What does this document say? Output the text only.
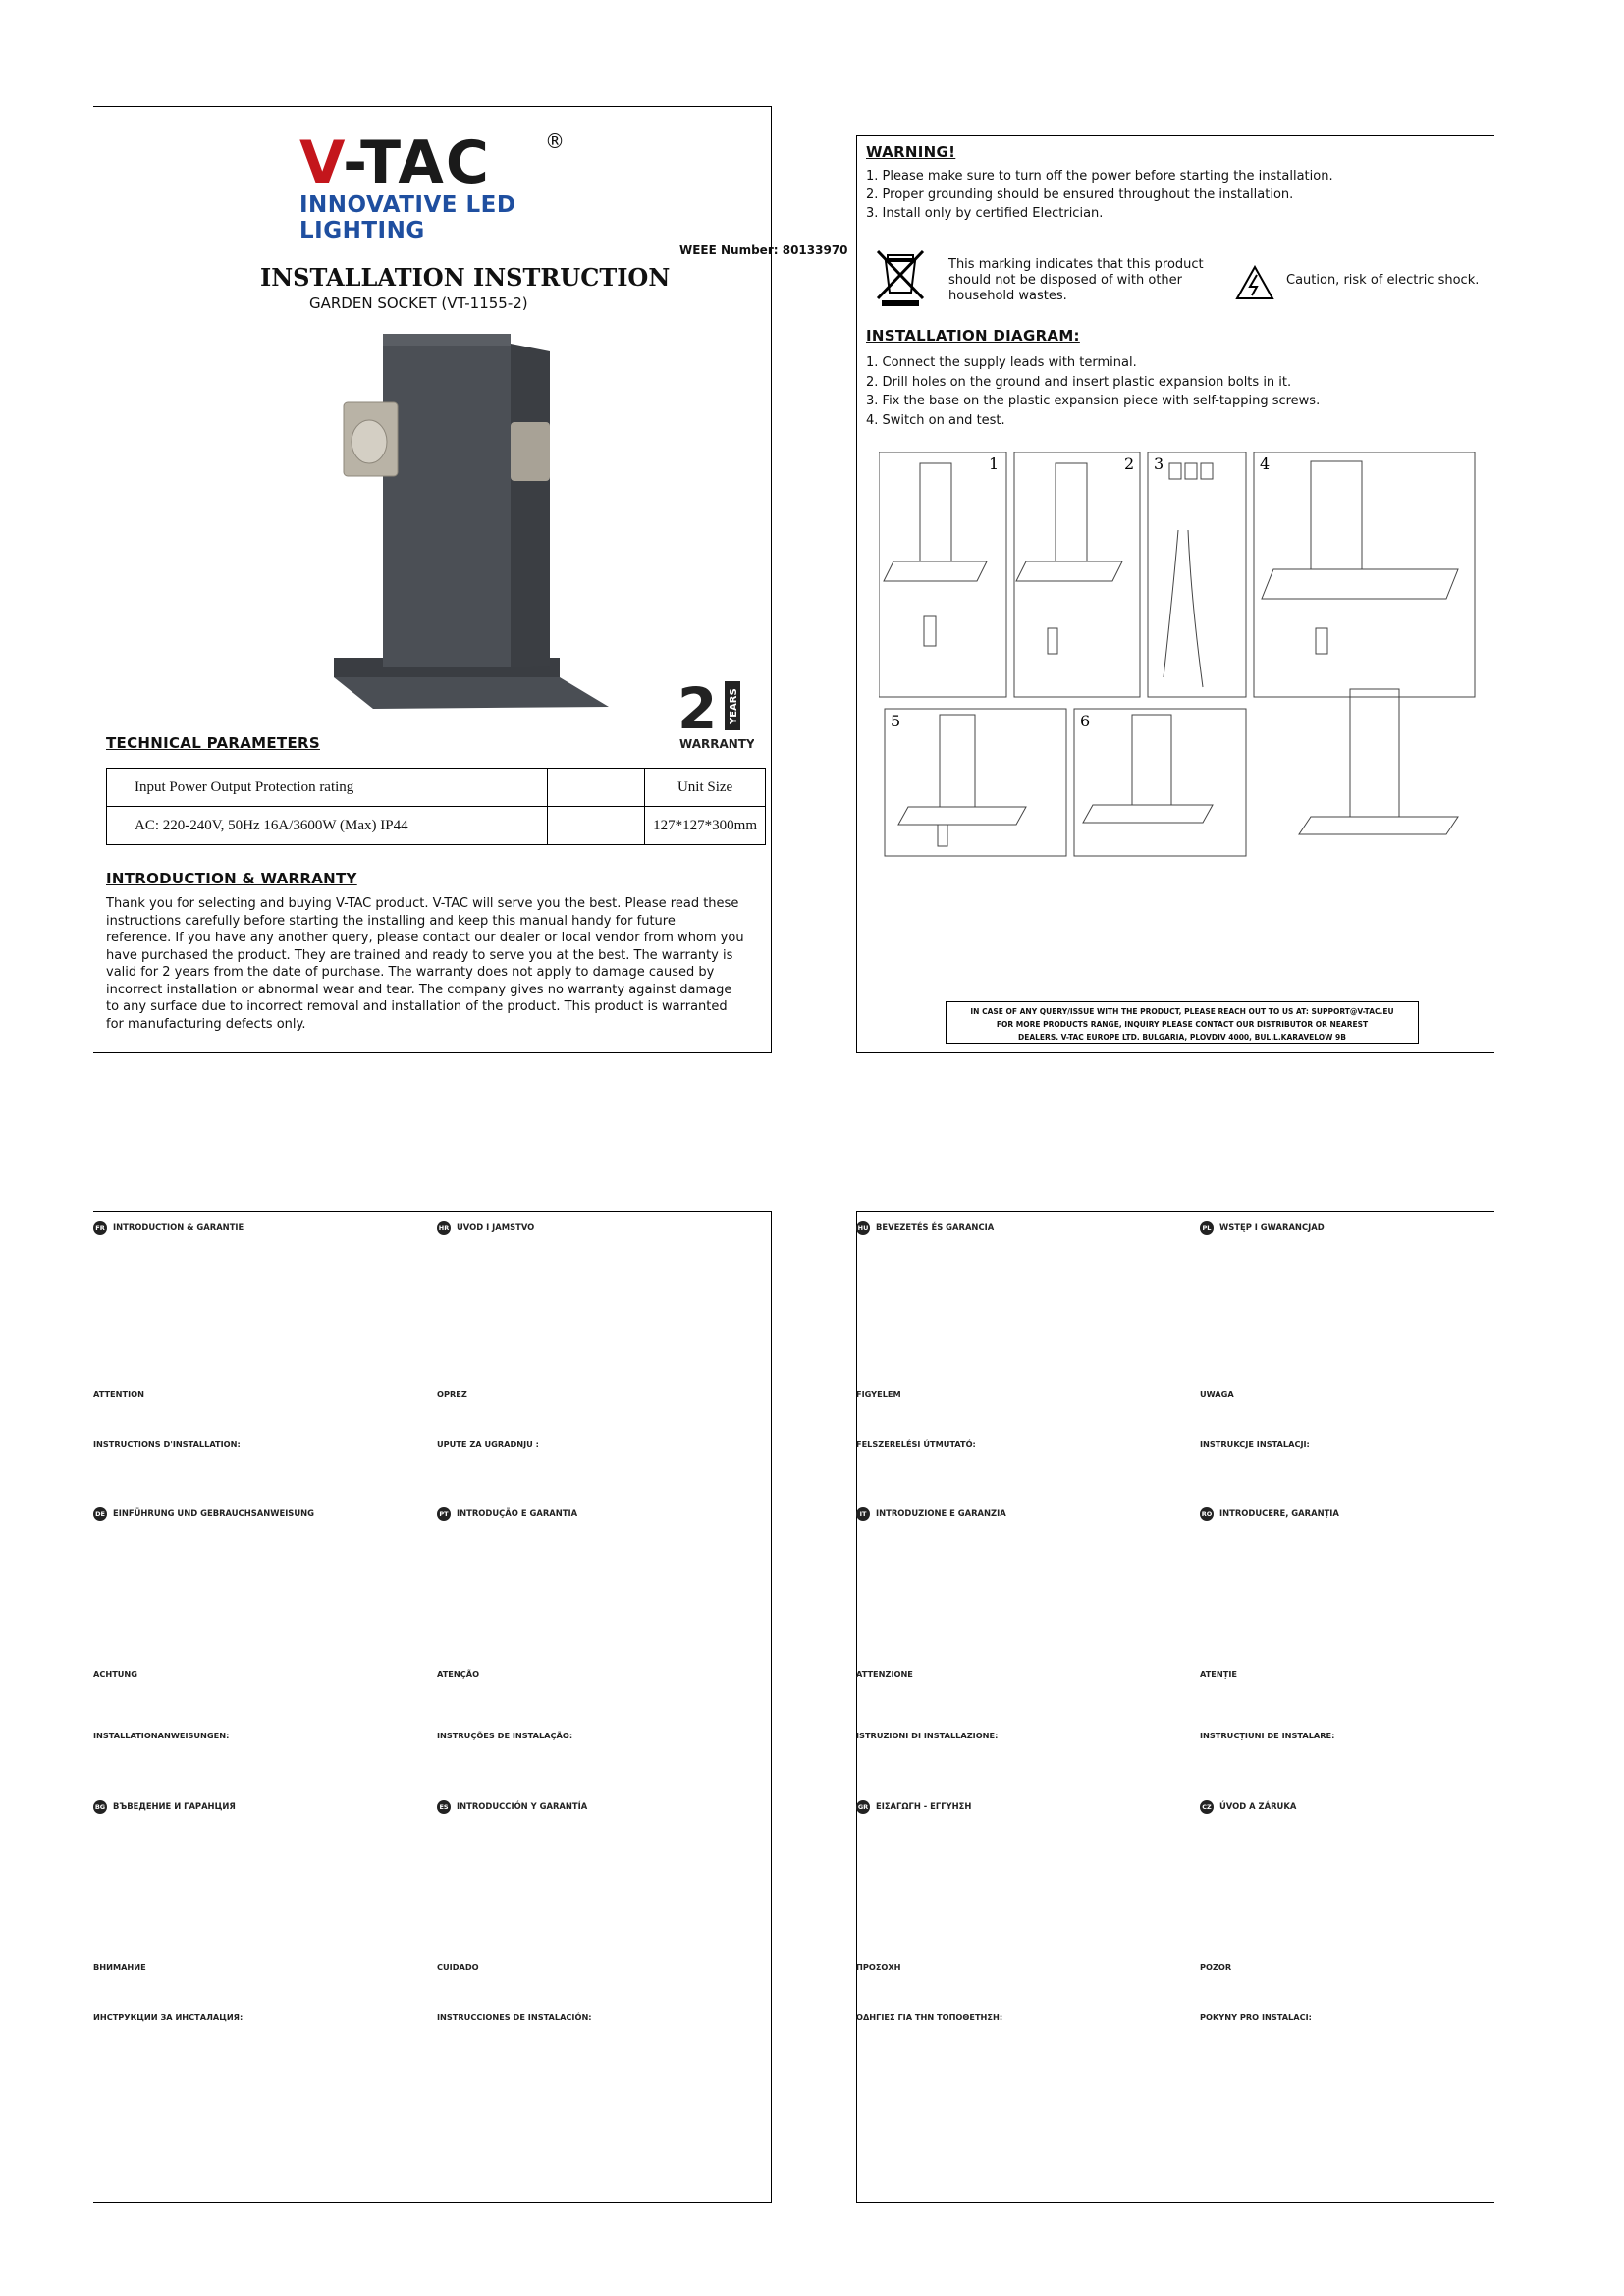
V-TAC	®
INNOVATIVE LED LIGHTING
WEEE Number: 80133970
INSTALLATION INSTRUCTION
GARDEN SOCKET (VT-1155-2)
2 YEARS
WARRANTY
TECHNICAL PARAMETERS
Input Power Output Protection rating		Unit Size
AC: 220-240V, 50Hz 16A/3600W (Max) IP44		127*127*300mm
INTRODUCTION & WARRANTY
Thank you for selecting and buying V-TAC product. V-TAC will serve you the best. Please read these instructions carefully before starting the installing and keep this manual handy for future reference. If you have any another query, please contact our dealer or local vendor from whom you have purchased the product. They are trained and ready to serve you at the best. The warranty is valid for 2 years from the date of purchase. The warranty does not apply to damage caused by incorrect installation or abnormal wear and tear. The company gives no warranty against damage to any surface due to incorrect removal and installation of the product. This product is warranted for manufacturing defects only.
WARNING!
1. Please make sure to turn off the power before starting the installation.
2. Proper grounding should be ensured throughout the installation.
3. Install only by certified Electrician.
This marking indicates that this product should not be disposed of with other household wastes.
Caution, risk of electric shock.
INSTALLATION DIAGRAM:
1. Connect the supply leads with terminal.
2. Drill holes on the ground and insert plastic expansion bolts in it.
3. Fix the base on the plastic expansion piece with self-tapping screws.
4. Switch on and test.
1	2 3	4
5	6
IN CASE OF ANY QUERY/ISSUE WITH THE PRODUCT, PLEASE REACH OUT TO US AT: SUPPORT@V-TAC.EU
FOR MORE PRODUCTS RANGE, INQUIRY PLEASE CONTACT OUR DISTRIBUTOR OR NEAREST
DEALERS. V-TAC EUROPE LTD. BULGARIA, PLOVDIV 4000, BUL.L.KARAVELOW 9B
FR INTRODUCTION & GARANTIE
ATTENTION
INSTRUCTIONS D'INSTALLATION:
HR UVOD I JAMSTVO
OPREZ
UPUTE ZA UGRADNJU :
DE EINFÜHRUNG UND GEBRAUCHSANWEISUNG
ACHTUNG
INSTALLATIONANWEISUNGEN:
PT INTRODUÇÃO E GARANTIA
ATENÇÃO
INSTRUÇÕES DE INSTALAÇÃO:
BG ВЪВЕДЕНИЕ И ГАРАНЦИЯ
ВНИМАНИЕ
ИНСТРУКЦИИ ЗА ИНСТАЛАЦИЯ:
ES INTRODUCCIÓN Y GARANTÍA
CUIDADO
INSTRUCCIONES DE INSTALACIÓN:
HU BEVEZETÉS ÉS GARANCIA
FIGYELEM
FELSZERELÉSI ÚTMUTATÓ:
PL WSTĘP I GWARANCJAD
UWAGA
INSTRUKCJE INSTALACJI:
IT INTRODUZIONE E GARANZIA
ATTENZIONE
ISTRUZIONI DI INSTALLAZIONE:
RO INTRODUCERE, GARANȚIA
ATENȚIE
INSTRUCȚIUNI DE INSTALARE:
GR ΕΙΣΑΓΩΓΗ - ΕΓΓΥΗΣΗ
ΠΡΟΣΟΧΗ
ΟΔΗΓΙΕΣ ΓΙΑ ΤΗΝ ΤΟΠΟΘΕΤΗΣΗ:
CZ ÚVOD A ZÁRUKA
POZOR
POKYNY PRO INSTALACI:
